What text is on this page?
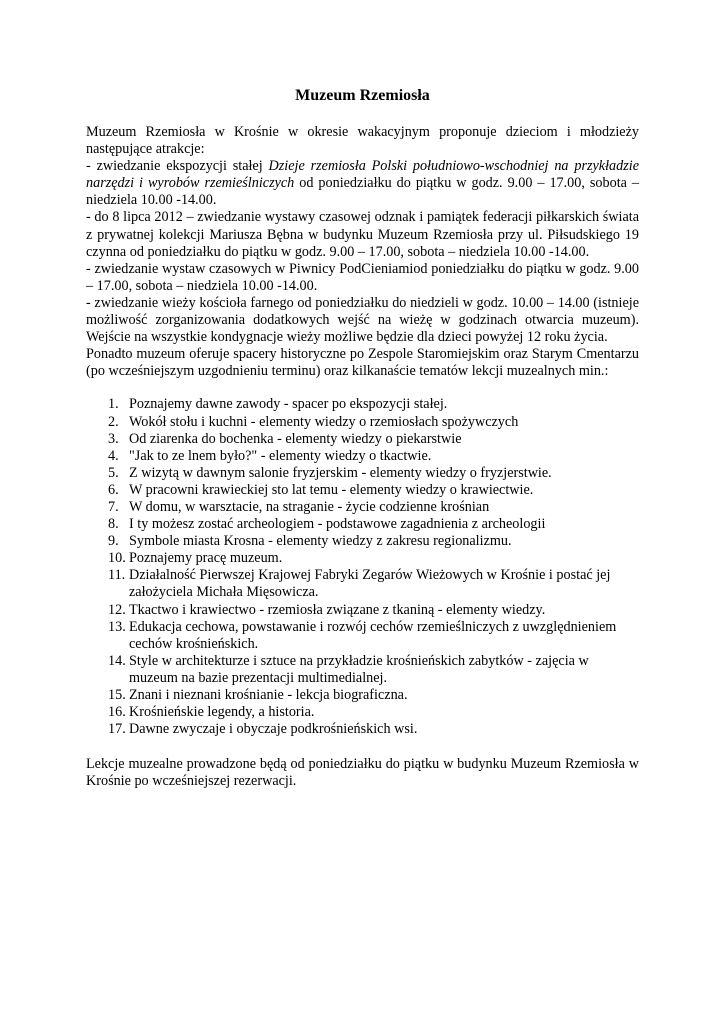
Muzeum Rzemiosła

Muzeum Rzemiosła w Krośnie w okresie wakacyjnym proponuje dzieciom i młodzieży następujące atrakcje:

- zwiedzanie ekspozycji stałej Dzieje rzemiosła Polski południowo-wschodniej na przykładzie narzędzi i wyrobów rzemieślniczych od poniedziałku do piątku w godz. 9.00 – 17.00, sobota – niedziela 10.00 -14.00.

- do 8 lipca 2012 – zwiedzanie wystawy czasowej odznak i pamiątek federacji piłkarskich świata z prywatnej kolekcji Mariusza Bębna w budynku Muzeum Rzemiosła przy ul. Piłsudskiego 19 czynna od poniedziałku do piątku w godz. 9.00 – 17.00, sobota – niedziela 10.00 -14.00.

- zwiedzanie wystaw czasowych w Piwnicy PodCieniamiod poniedziałku do piątku w godz. 9.00 – 17.00, sobota – niedziela 10.00 -14.00.

- zwiedzanie wieży kościoła farnego od poniedziałku do niedzieli w godz. 10.00 – 14.00 (istnieje możliwość zorganizowania dodatkowych wejść na wieżę w godzinach otwarcia muzeum). Wejście na wszystkie kondygnacje wieży możliwe będzie dla dzieci powyżej 12 roku życia.

Ponadto muzeum oferuje spacery historyczne po Zespole Staromiejskim oraz Starym Cmentarzu (po wcześniejszym uzgodnieniu terminu) oraz kilkanaście tematów lekcji muzealnych min.:

1. Poznajemy dawne zawody - spacer po ekspozycji stałej.
2. Wokół stołu i kuchni - elementy wiedzy o rzemiosłach spożywczych
3. Od ziarenka do bochenka - elementy wiedzy o piekarstwie
4. "Jak to ze lnem było?" - elementy wiedzy o tkactwie.
5. Z wizytą w dawnym salonie fryzjerskim - elementy wiedzy o fryzjerstwie.
6. W pracowni krawieckiej sto lat temu - elementy wiedzy o krawiectwie.
7. W domu, w warsztacie, na straganie - życie codzienne krośnian
8. I ty możesz zostać archeologiem - podstawowe zagadnienia z archeologii
9. Symbole miasta Krosna - elementy wiedzy z zakresu regionalizmu.
10. Poznajemy pracę muzeum.
11. Działalność Pierwszej Krajowej Fabryki Zegarów Wieżowych w Krośnie i postać jej założyciela Michała Mięsowicza.
12. Tkactwo i krawiectwo - rzemiosła związane z tkaniną - elementy wiedzy.
13. Edukacja cechowa, powstawanie i rozwój cechów rzemieślniczych z uwzględnieniem cechów krośnieńskich.
14. Style w architekturze i sztuce na przykładzie krośnieńskich zabytków - zajęcia w muzeum na bazie prezentacji multimedialnej.
15. Znani i nieznani krośnianie - lekcja biograficzna.
16. Krośnieńskie legendy, a historia.
17. Dawne zwyczaje i obyczaje podkrośnieńskich wsi.

Lekcje muzealne prowadzone będą od poniedziałku do piątku w budynku Muzeum Rzemiosła w Krośnie po wcześniejszej rezerwacji.
